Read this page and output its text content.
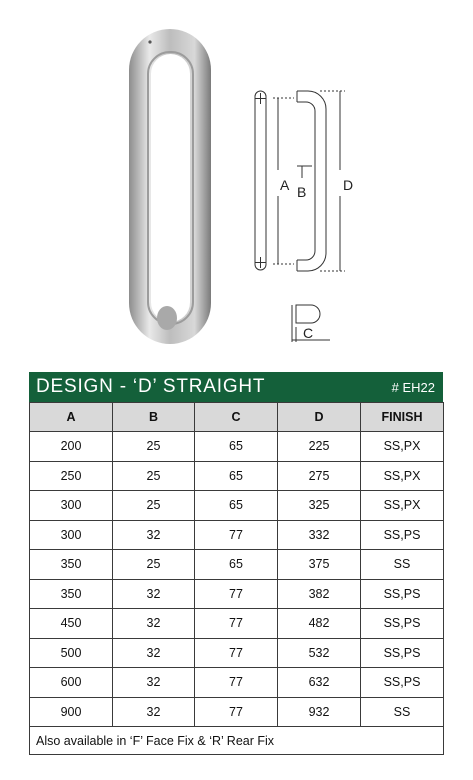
A B	D
C
DESIGN - ‘D’ STRAIGHT	# EH22
A	B	C	D	FINISH
200	25	65	225	SS,PX
250	25	65	275	SS,PX
300	25	65	325	SS,PX
300	32	77	332	SS,PS
350	25	65	375	SS
350	32	77	382	SS,PS
450	32	77	482	SS,PS
500	32	77	532	SS,PS
600	32	77	632	SS,PS
900	32	77	932	SS
Also available in ‘F’ Face Fix & ‘R’ Rear Fix				
